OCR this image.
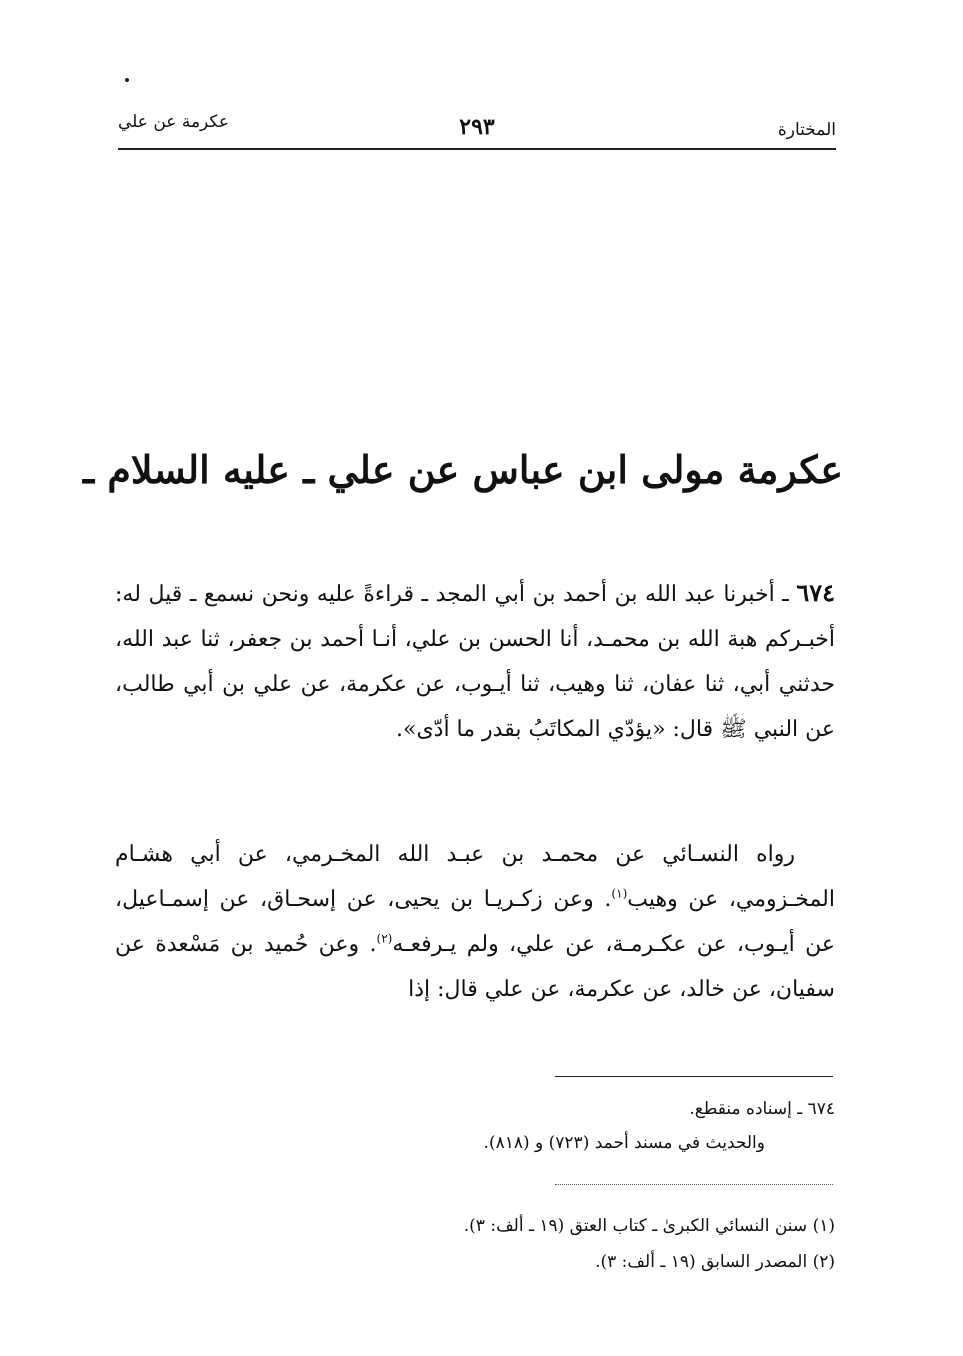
المختارة
٢٩٣
عكرمة عن علي
عكرمة مولى ابن عباس عن علي ـ عليه السلام ـ
٦٧٤ ـ أخبرنا عبد الله بن أحمد بن أبي المجد ـ قراءةً عليه ونحن نسمع ـ قيل له: أخبـركم هبة الله بن محمـد، أنا الحسن بن علي، أنـا أحمد بن جعفر، ثنا عبد الله، حدثني أبي، ثنا عفان، ثنا وهيب، ثنا أيـوب، عن عكرمة، عن علي بن أبي طالب، عن النبي ﷺ قال: «يؤدّي المكاتَبُ بقدر ما أدّى».
رواه النسـائي عن محمـد بن عبـد الله المخـرمي، عن أبي هشـام المخـزومي، عن وهيب$^{(١)}$. وعن زكـريـا بن يحيى، عن إسحـاق، عن إسمـاعيل، عن أيـوب، عن عكـرمـة، عن علي، ولم يـرفعـه$^{(٢)}$. وعن حُميد بن مَسْعدة عن سفيان، عن خالد، عن عكرمة، عن علي قال: إذا
٦٧٤ ـ إسناده منقطع.
والحديث في مسند أحمد (٧٢٣) و (٨١٨).
(١) سنن النسائي الكبرىٰ ـ كتاب العتق (١٩ ـ ألف: ٣).
(٢) المصدر السابق (١٩ ـ ألف: ٣).
